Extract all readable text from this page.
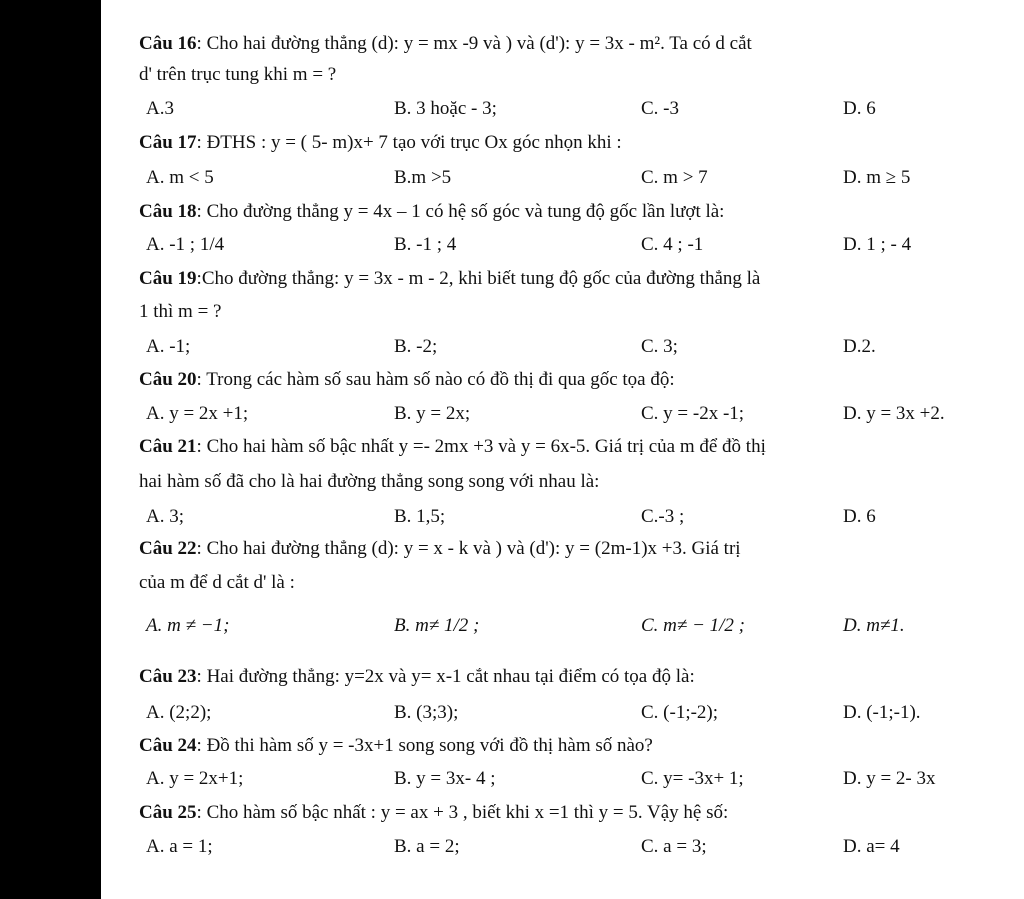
Câu 16: Cho hai đường thẳng (d): y = mx -9 và ) và (d'): y = 3x - m². Ta có d cắt
d' trên trục tung khi m = ?
A.3	B. 3 hoặc - 3;	C. -3	D. 6
Câu 17: ĐTHS : y = ( 5- m)x+ 7 tạo với trục Ox góc nhọn khi :
A. m < 5	B.m >5	C. m > 7	D. m ≥ 5
Câu 18: Cho đường thẳng y = 4x – 1 có hệ số góc và tung độ gốc lần lượt là:
A. -1 ; 1/4	B. -1 ; 4	C. 4 ; -1	D. 1 ; - 4
Câu 19:Cho đường thẳng: y = 3x - m - 2, khi biết tung độ gốc của đường thẳng là
1 thì m = ?
A. -1;	B. -2;	C. 3;	D.2.
Câu 20: Trong các hàm số sau hàm số nào có đồ thị đi qua gốc tọa độ:
A. y = 2x +1;	B. y = 2x;	C. y = -2x -1;	D. y = 3x +2.
Câu 21: Cho hai hàm số bậc nhất y =- 2mx +3 và y = 6x-5. Giá trị của m để đồ thị
hai hàm số đã cho là hai đường thẳng song song với nhau là:
A. 3;	B. 1,5;	C.-3 ;	D. 6
Câu 22: Cho hai đường thẳng (d): y = x - k và ) và (d'): y = (2m-1)x +3. Giá trị
của m để d cắt d' là :
A. m ≠ −1;	B. m≠ 1/2 ;	C. m≠ − 1/2 ;	D. m≠1.
Câu 23: Hai đường thẳng: y=2x và y= x-1 cắt nhau tại điểm có tọa độ là:
A. (2;2);	B. (3;3);	C. (-1;-2);	D. (-1;-1).
Câu 24: Đồ thi hàm số y = -3x+1 song song với đồ thị hàm số nào?
A. y = 2x+1;	B. y = 3x- 4 ;	C. y= -3x+ 1;	D. y = 2- 3x
Câu 25: Cho hàm số bậc nhất : y = ax + 3 , biết khi x =1 thì y = 5. Vậy hệ số:
A. a = 1;	B. a = 2;	C. a = 3;	D. a= 4
